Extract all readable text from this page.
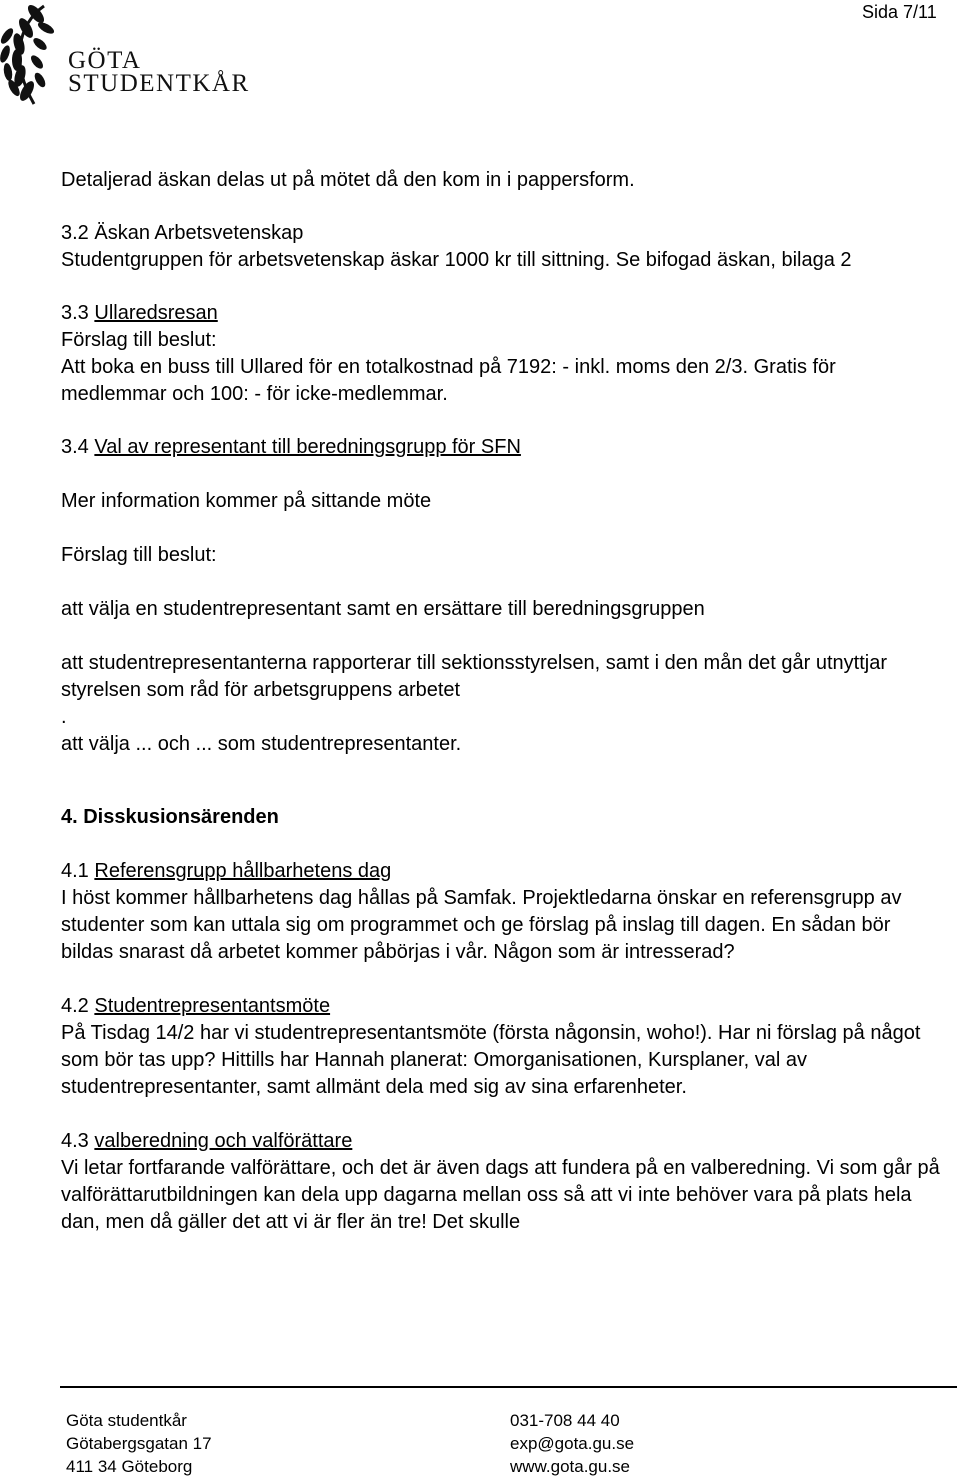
GÖTA
STUDENTKÅR
Sida 7/11

Detaljerad äskan delas ut på mötet då den kom in i pappersform.

3.2 Äskan Arbetsvetenskap

Studentgruppen för arbetsvetenskap äskar 1000 kr till sittning. Se bifogad äskan, bilaga 2

3.3 Ullaredsresan

Förslag till beslut:

Att boka en buss till Ullared för en totalkostnad på 7192: - inkl. moms den 2/3. Gratis för medlemmar och 100: - för icke-medlemmar.

3.4 Val av representant till beredningsgrupp för SFN

Mer information kommer på sittande möte

Förslag till beslut:

att välja en studentrepresentant samt en ersättare till beredningsgruppen

att studentrepresentanterna rapporterar till sektionsstyrelsen, samt i den mån det går utnyttjar styrelsen som råd för arbetsgruppens arbetet

.

att välja ... och ... som studentrepresentanter.

4. Disskusionsärenden

4.1 Referensgrupp hållbarhetens dag

I höst kommer hållbarhetens dag hållas på Samfak. Projektledarna önskar en referensgrupp av studenter som kan uttala sig om programmet och ge förslag på inslag till dagen. En sådan bör bildas snarast då arbetet kommer påbörjas i vår. Någon som är intresserad?

4.2 Studentrepresentantsmöte

På Tisdag 14/2 har vi studentrepresentantsmöte (första någonsin, woho!). Har ni förslag på något som bör tas upp? Hittills har Hannah planerat: Omorganisationen, Kursplaner, val av studentrepresentanter, samt allmänt dela med sig av sina erfarenheter.

4.3 valberedning och valförättare

Vi letar fortfarande valförättare, och det är även dags att fundera på en valberedning. Vi som går på valförättarutbildningen kan dela upp dagarna mellan oss så att vi inte behöver vara på plats hela dan, men då gäller det att vi är fler än tre! Det skulle

Göta studentkår
Götabergsgatan 17
411 34 Göteborg
031-708 44 40
exp@gota.gu.se
www.gota.gu.se
